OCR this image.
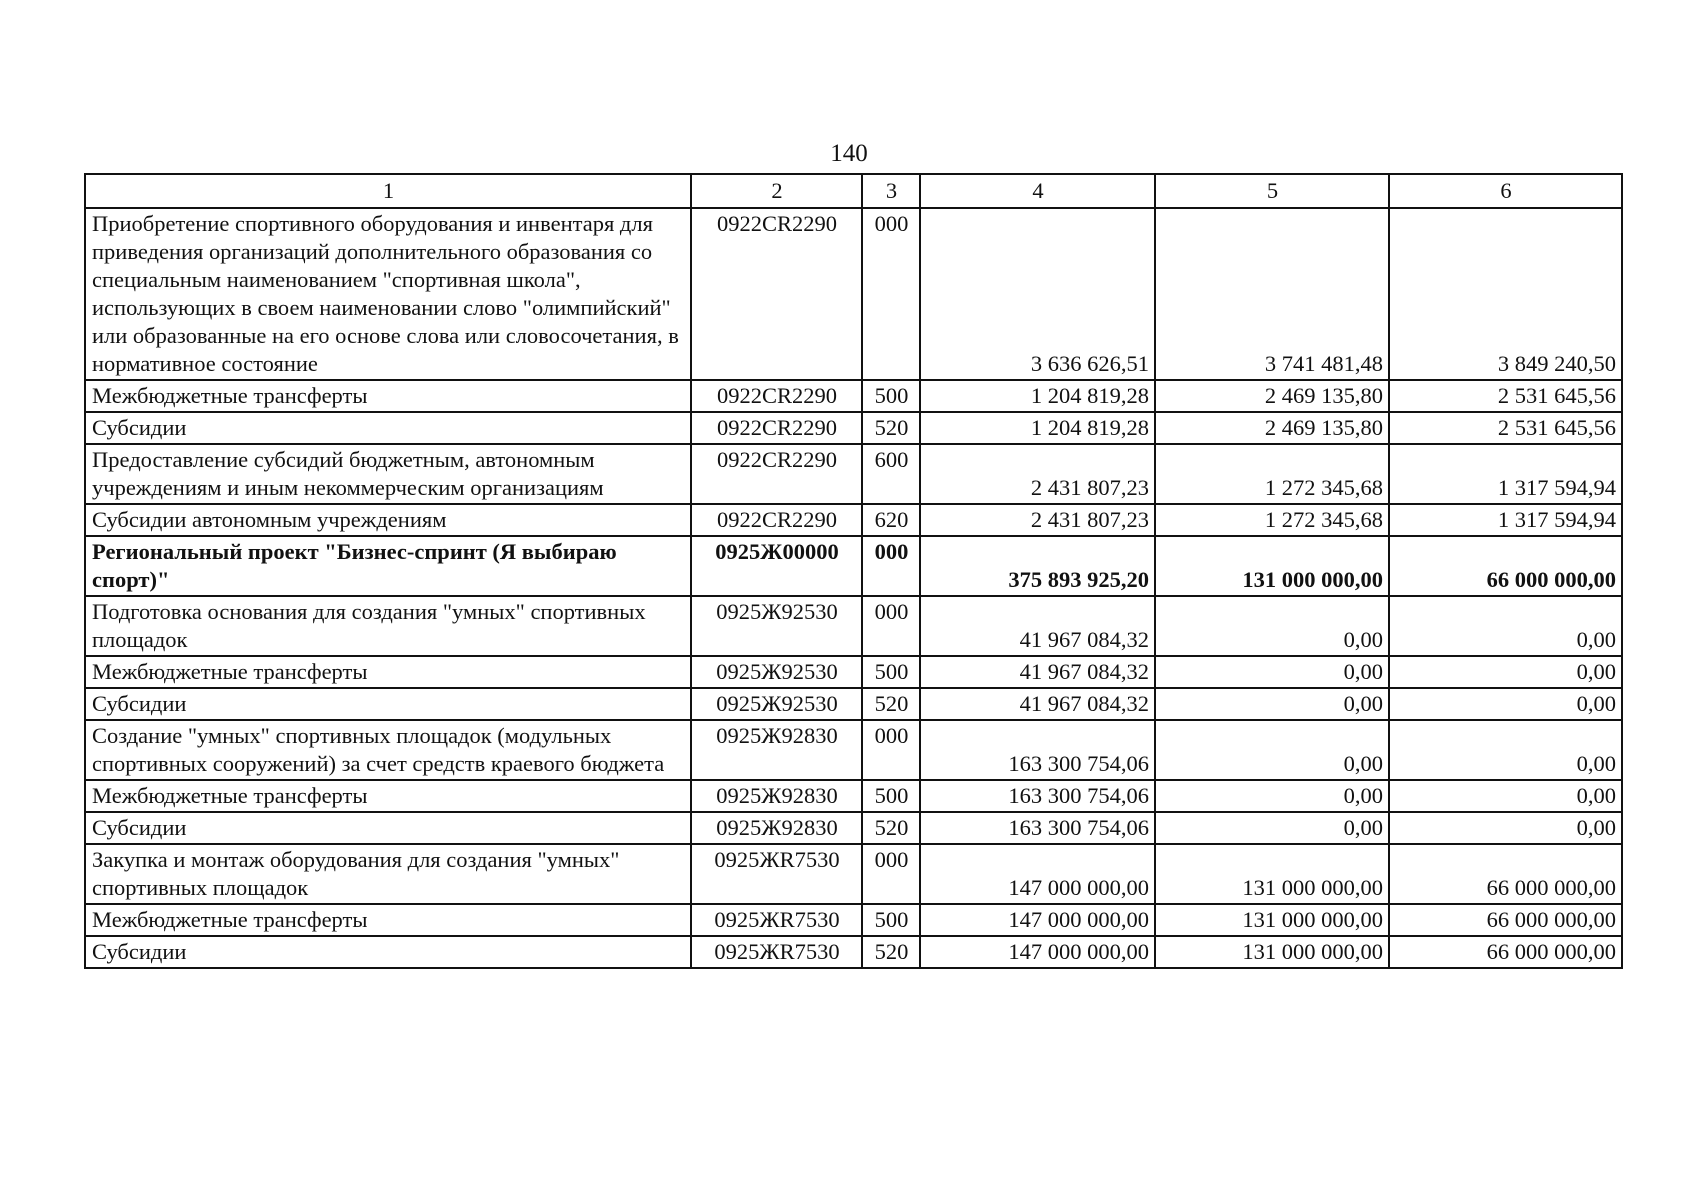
140
1	2	3	4	5	6
Приобретение спортивного оборудования и инвентаря для приведения организаций дополнительного образования со специальным наименованием "спортивная школа", использующих в своем наименовании слово "олимпийский" или образованные на его основе слова или словосочетания, в нормативное состояние	0922CR2290	000	3 636 626,51	3 741 481,48	3 849 240,50
Межбюджетные трансферты	0922CR2290	500	1 204 819,28	2 469 135,80	2 531 645,56
Субсидии	0922CR2290	520	1 204 819,28	2 469 135,80	2 531 645,56
Предоставление субсидий бюджетным, автономным учреждениям и иным некоммерческим организациям	0922CR2290	600	2 431 807,23	1 272 345,68	1 317 594,94
Субсидии автономным учреждениям	0922CR2290	620	2 431 807,23	1 272 345,68	1 317 594,94
Региональный проект "Бизнес-спринт (Я выбираю спорт)"	0925Ж00000	000	375 893 925,20	131 000 000,00	66 000 000,00
Подготовка основания для создания "умных" спортивных площадок	0925Ж92530	000	41 967 084,32	0,00	0,00
Межбюджетные трансферты	0925Ж92530	500	41 967 084,32	0,00	0,00
Субсидии	0925Ж92530	520	41 967 084,32	0,00	0,00
Создание "умных" спортивных площадок (модульных спортивных сооружений) за счет средств краевого бюджета	0925Ж92830	000	163 300 754,06	0,00	0,00
Межбюджетные трансферты	0925Ж92830	500	163 300 754,06	0,00	0,00
Субсидии	0925Ж92830	520	163 300 754,06	0,00	0,00
Закупка и монтаж оборудования для создания "умных" спортивных площадок	0925ЖR7530	000	147 000 000,00	131 000 000,00	66 000 000,00
Межбюджетные трансферты	0925ЖR7530	500	147 000 000,00	131 000 000,00	66 000 000,00
Субсидии	0925ЖR7530	520	147 000 000,00	131 000 000,00	66 000 000,00
